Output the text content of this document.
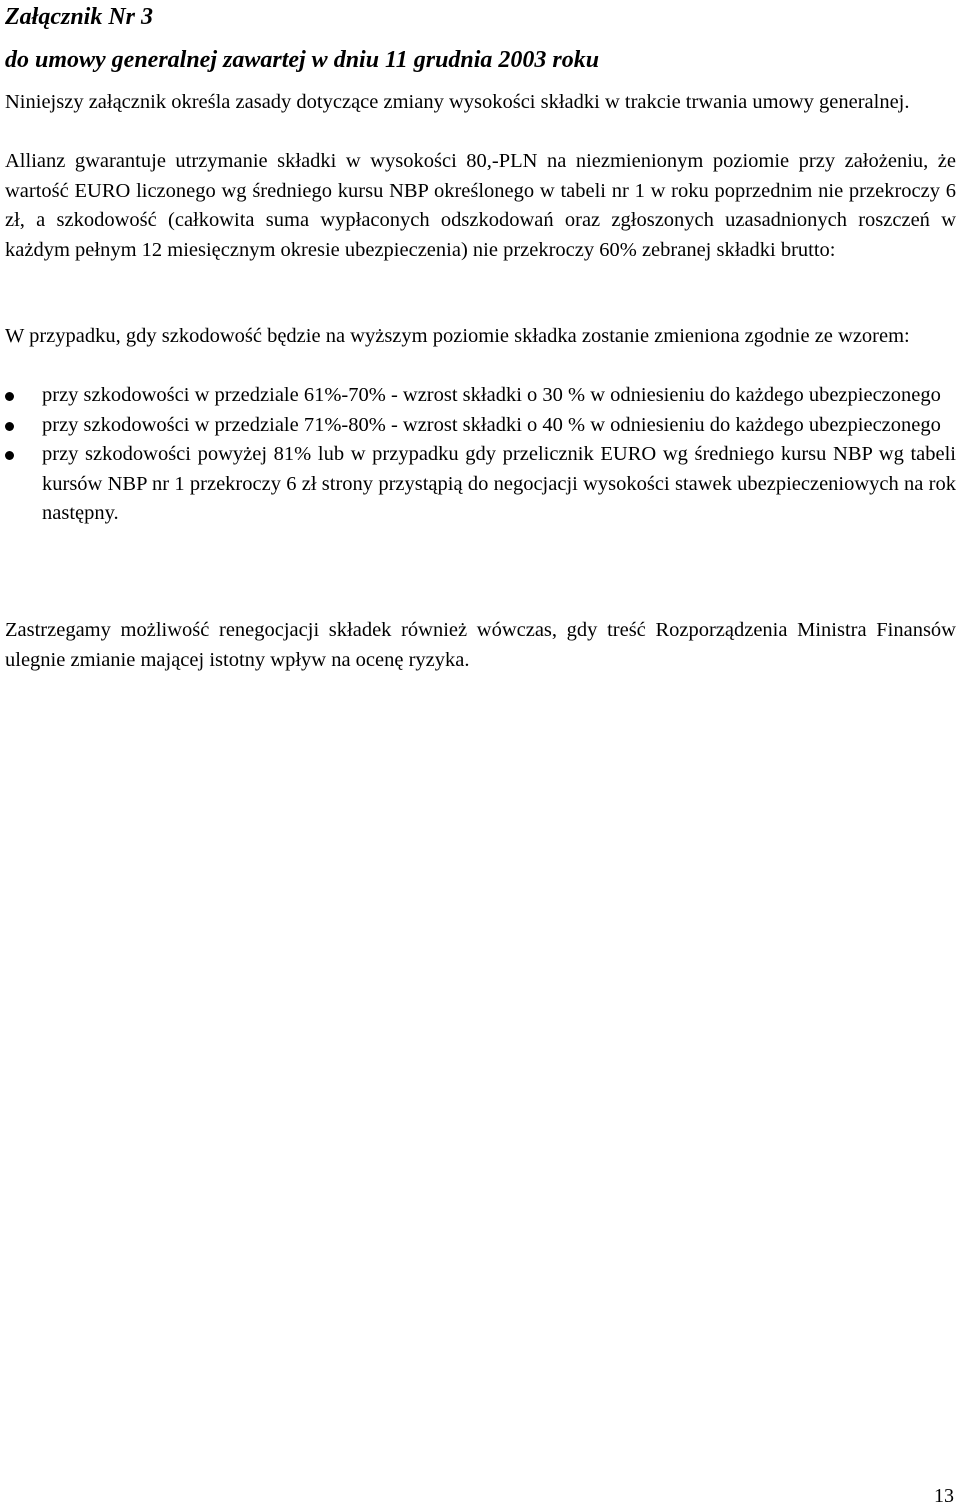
Załącznik Nr 3
do umowy generalnej zawartej w dniu 11 grudnia 2003 roku

Niniejszy załącznik określa zasady dotyczące zmiany wysokości składki w trakcie trwania umowy generalnej.

Allianz gwarantuje utrzymanie składki w wysokości 80,-PLN na niezmienionym poziomie przy założeniu, że wartość EURO liczonego wg średniego kursu NBP określonego w tabeli nr 1 w roku poprzednim nie przekroczy 6 zł, a szkodowość (całkowita suma wypłaconych odszkodowań oraz zgłoszonych uzasadnionych roszczeń w każdym pełnym 12 miesięcznym okresie ubezpieczenia) nie przekroczy 60% zebranej składki brutto:

W przypadku, gdy szkodowość będzie na wyższym poziomie składka zostanie zmieniona zgodnie ze wzorem:

przy szkodowości w przedziale 61%-70% - wzrost składki o 30 % w odniesieniu do każdego ubezpieczonego
przy szkodowości w przedziale 71%-80% - wzrost składki o 40 % w odniesieniu do każdego ubezpieczonego
przy szkodowości powyżej 81% lub w przypadku gdy przelicznik EURO wg średniego kursu NBP wg tabeli kursów NBP nr 1 przekroczy 6 zł strony przystąpią do negocjacji wysokości stawek ubezpieczeniowych na rok następny.

Zastrzegamy możliwość renegocjacji składek również wówczas, gdy treść Rozporządzenia Ministra Finansów ulegnie zmianie mającej istotny wpływ na ocenę ryzyka.

13
